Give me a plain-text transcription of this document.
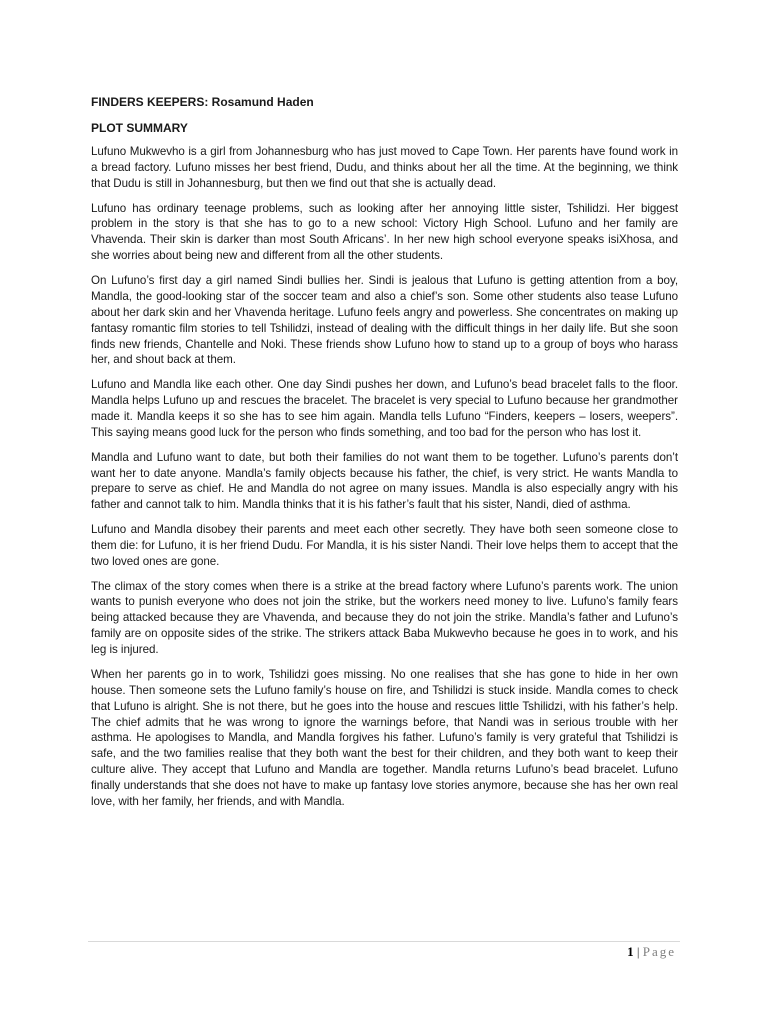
FINDERS KEEPERS: Rosamund Haden
PLOT SUMMARY

Lufuno Mukwevho is a girl from Johannesburg who has just moved to Cape Town. Her parents have found work in a bread factory. Lufuno misses her best friend, Dudu, and thinks about her all the time. At the beginning, we think that Dudu is still in Johannesburg, but then we find out that she is actually dead.

Lufuno has ordinary teenage problems, such as looking after her annoying little sister, Tshilidzi. Her biggest problem in the story is that she has to go to a new school: Victory High School. Lufuno and her family are Vhavenda. Their skin is darker than most South Africans’. In her new high school everyone speaks isiXhosa, and she worries about being new and different from all the other students.

On Lufuno’s first day a girl named Sindi bullies her. Sindi is jealous that Lufuno is getting attention from a boy, Mandla, the good-looking star of the soccer team and also a chief’s son. Some other students also tease Lufuno about her dark skin and her Vhavenda heritage. Lufuno feels angry and powerless. She concentrates on making up fantasy romantic film stories to tell Tshilidzi, instead of dealing with the difficult things in her daily life. But she soon finds new friends, Chantelle and Noki. These friends show Lufuno how to stand up to a group of boys who harass her, and shout back at them.

Lufuno and Mandla like each other. One day Sindi pushes her down, and Lufuno’s bead bracelet falls to the floor. Mandla helps Lufuno up and rescues the bracelet. The bracelet is very special to Lufuno because her grandmother made it. Mandla keeps it so she has to see him again. Mandla tells Lufuno “Finders, keepers – losers, weepers”. This saying means good luck for the person who finds something, and too bad for the person who has lost it.

Mandla and Lufuno want to date, but both their families do not want them to be together. Lufuno’s parents don’t want her to date anyone. Mandla’s family objects because his father, the chief, is very strict. He wants Mandla to prepare to serve as chief. He and Mandla do not agree on many issues. Mandla is also especially angry with his father and cannot talk to him. Mandla thinks that it is his father’s fault that his sister, Nandi, died of asthma.

Lufuno and Mandla disobey their parents and meet each other secretly. They have both seen someone close to them die: for Lufuno, it is her friend Dudu. For Mandla, it is his sister Nandi. Their love helps them to accept that the two loved ones are gone.

The climax of the story comes when there is a strike at the bread factory where Lufuno’s parents work. The union wants to punish everyone who does not join the strike, but the workers need money to live. Lufuno’s family fears being attacked because they are Vhavenda, and because they do not join the strike. Mandla’s father and Lufuno’s family are on opposite sides of the strike. The strikers attack Baba Mukwevho because he goes in to work, and his leg is injured.

When her parents go in to work, Tshilidzi goes missing. No one realises that she has gone to hide in her own house. Then someone sets the Lufuno family’s house on fire, and Tshilidzi is stuck inside. Mandla comes to check that Lufuno is alright. She is not there, but he goes into the house and rescues little Tshilidzi, with his father’s help. The chief admits that he was wrong to ignore the warnings before, that Nandi was in serious trouble with her asthma. He apologises to Mandla, and Mandla forgives his father. Lufuno’s family is very grateful that Tshilidzi is safe, and the two families realise that they both want the best for their children, and they both want to keep their culture alive. They accept that Lufuno and Mandla are together. Mandla returns Lufuno’s bead bracelet. Lufuno finally understands that she does not have to make up fantasy love stories anymore, because she has her own real love, with her family, her friends, and with Mandla.

1 | Page
